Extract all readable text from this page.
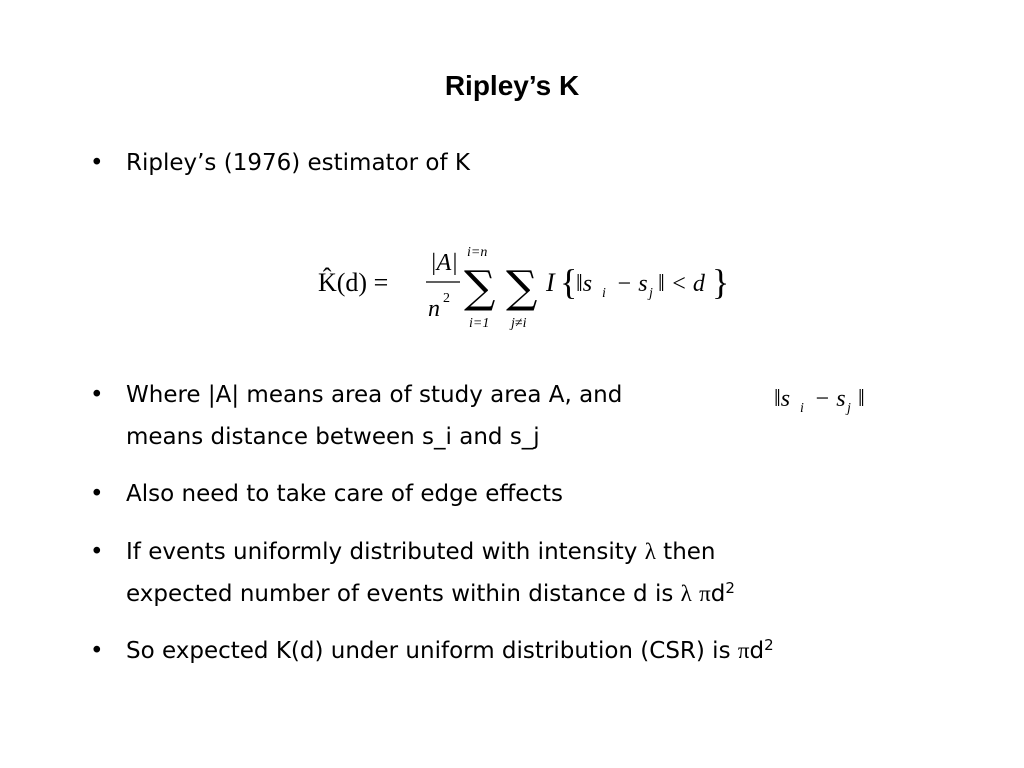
Ripley’s K
• Ripley’s (1976) estimator of K
K̂(d) =
|A|
n 2
i=n
∑
i=1
∑
j≠i
I {
‖s i − s j ‖ < d }
• Where |A| means area of study area A, and
means distance between s_i and s_j
‖s i − s j ‖
• Also need to take care of edge effects
• If events uniformly distributed with intensity λ then
expected number of events within distance d is λ $\pi d^2$
• So expected K(d) under uniform distribution (CSR) is $\pi d^2$
